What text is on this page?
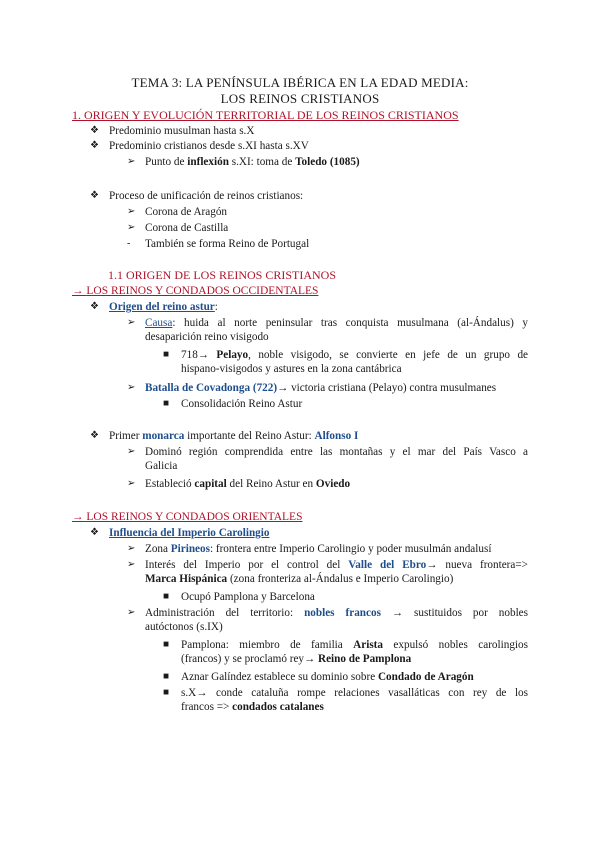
TEMA 3: LA PENÍNSULA IBÉRICA EN LA EDAD MEDIA:
LOS REINOS CRISTIANOS
1. ORIGEN Y EVOLUCIÓN TERRITORIAL DE LOS REINOS CRISTIANOS
❖ Predominio musulman hasta s.X
❖ Predominio cristianos desde s.XI hasta s.XV
➢ Punto de inflexión s.XI: toma de Toledo (1085)
❖ Proceso de unificación de reinos cristianos:
➢ Corona de Aragón
➢ Corona de Castilla
- También se forma Reino de Portugal
1.1 ORIGEN DE LOS REINOS CRISTIANOS
→ LOS REINOS Y CONDADOS OCCIDENTALES
❖ Origen del reino astur:
➢ Causa: huida al norte peninsular tras conquista musulmana (al-Ándalus) y
desaparición reino visigodo
■ 718→ Pelayo, noble visigodo, se convierte en jefe de un grupo de
hispano-visigodos y astures en la zona cantábrica
➢ Batalla de Covadonga (722)→ victoria cristiana (Pelayo) contra musulmanes
■ Consolidación Reino Astur
❖ Primer monarca importante del Reino Astur: Alfonso I
➢ Dominó región comprendida entre las montañas y el mar del País Vasco a
Galicia
➢ Estableció capital del Reino Astur en Oviedo
→ LOS REINOS Y CONDADOS ORIENTALES
❖ Influencia del Imperio Carolingio
➢ Zona Pirineos: frontera entre Imperio Carolingio y poder musulmán andalusí
➢ Interés del Imperio por el control del Valle del Ebro→ nueva frontera=>
Marca Hispánica (zona fronteriza al-Ándalus e Imperio Carolingio)
■ Ocupó Pamplona y Barcelona
➢ Administración del territorio: nobles francos → sustituidos por nobles
autóctonos (s.IX)
■ Pamplona: miembro de familia Arista expulsó nobles carolingios
(francos) y se proclamó rey→ Reino de Pamplona
■ Aznar Galíndez establece su dominio sobre Condado de Aragón
■ s.X→ conde cataluña rompe relaciones vasalláticas con rey de los
francos => condados catalanes
